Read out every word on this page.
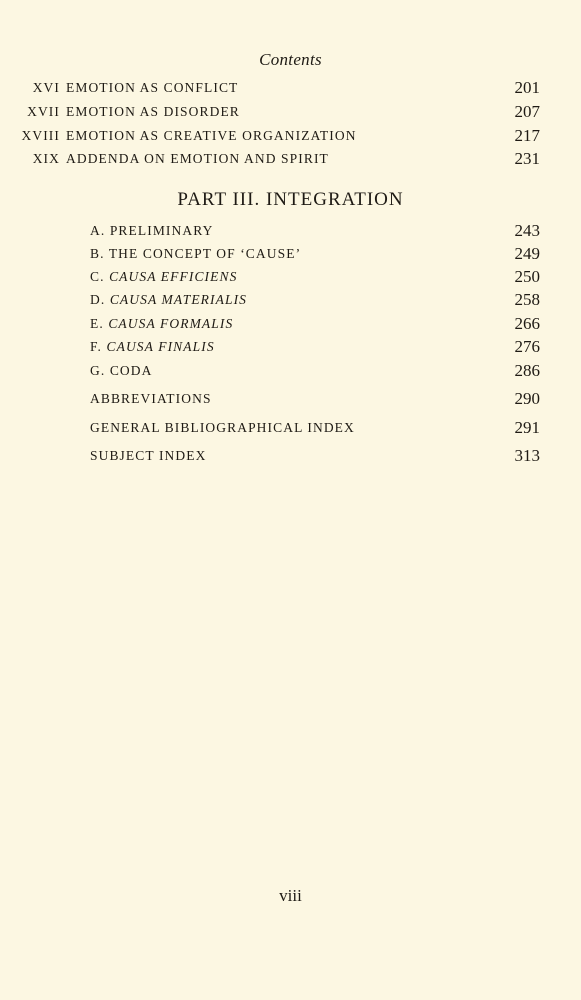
Contents
XVI EMOTION AS CONFLICT	201
XVII EMOTION AS DISORDER	207
XVIII EMOTION AS CREATIVE ORGANIZATION	217
XIX ADDENDA ON EMOTION AND SPIRIT	231
PART III. INTEGRATION
A. PRELIMINARY	243
B. THE CONCEPT OF ‘CAUSE’	249
C. CAUSA EFFICIENS	250
D. CAUSA MATERIALIS	258
E. CAUSA FORMALIS	266
F. CAUSA FINALIS	276
G. CODA	286
ABBREVIATIONS	290
GENERAL BIBLIOGRAPHICAL INDEX	291
SUBJECT INDEX	313
viii
